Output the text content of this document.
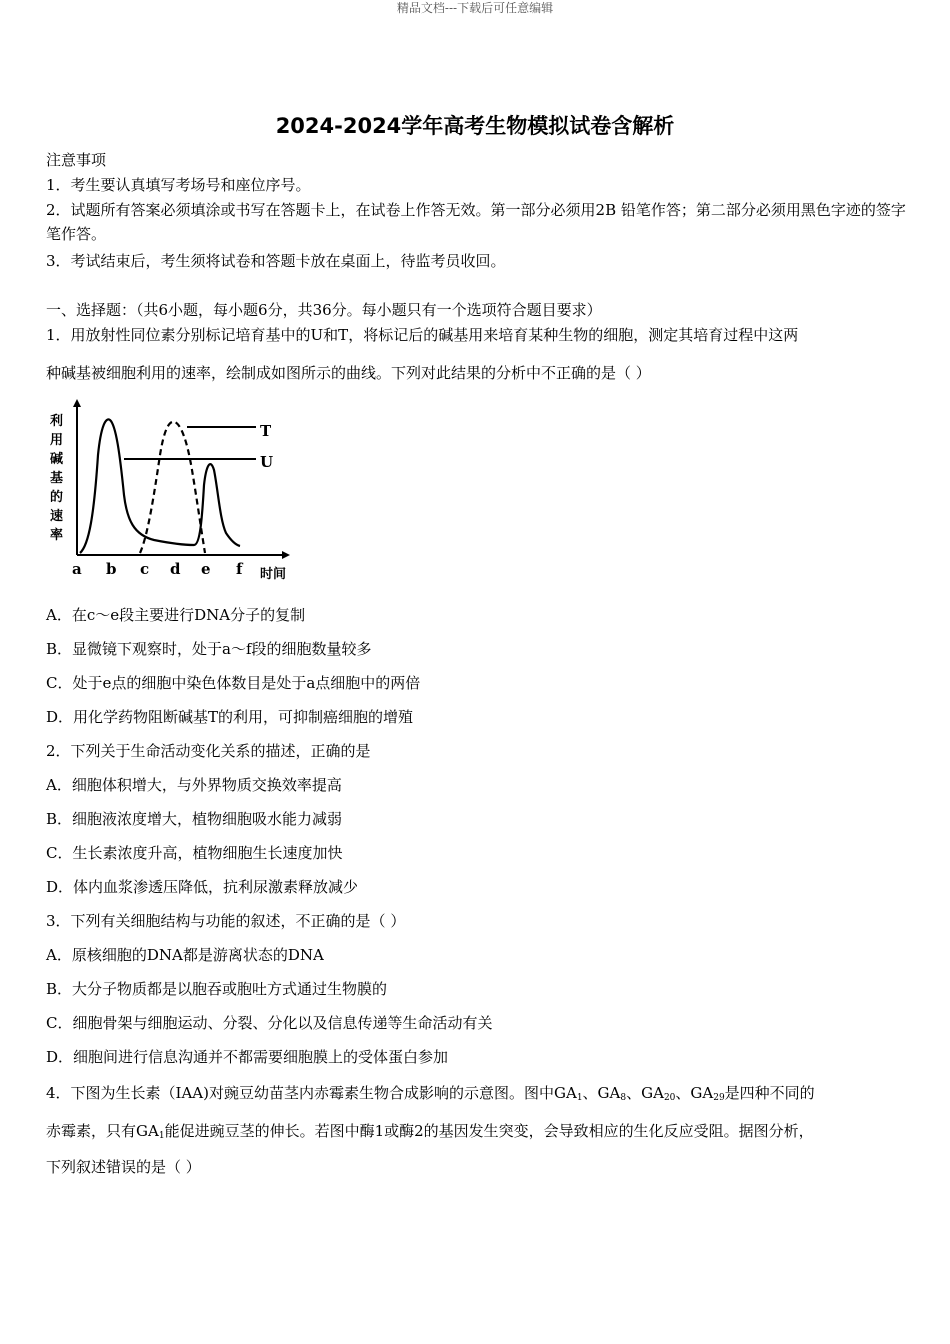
精品文档---下载后可任意编辑
2024-2024学年高考生物模拟试卷含解析
注意事项
1．考生要认真填写考场号和座位序号。
2．试题所有答案必须填涂或书写在答题卡上，在试卷上作答无效。第一部分必须用2B 铅笔作答；第二部分必须用黑色字迹的签字笔作答。
3．考试结束后，考生须将试卷和答题卡放在桌面上，待监考员收回。
一、选择题：（共6小题，每小题6分，共36分。每小题只有一个选项符合题目要求）
1．用放射性同位素分别标记培育基中的U和T，将标记后的碱基用来培育某种生物的细胞，测定其培育过程中这两
种碱基被细胞利用的速率，绘制成如图所示的曲线。下列对此结果的分析中不正确的是（ ）
利
用
碱
基
的
速
率
T
U
a b c d e f 时间
A．在c～e段主要进行DNA分子的复制
B．显微镜下观察时，处于a～f段的细胞数量较多
C．处于e点的细胞中染色体数目是处于a点细胞中的两倍
D．用化学药物阻断碱基T的利用，可抑制癌细胞的增殖
2．下列关于生命活动变化关系的描述，正确的是
A．细胞体积增大，与外界物质交换效率提高
B．细胞液浓度增大，植物细胞吸水能力减弱
C．生长素浓度升高，植物细胞生长速度加快
D．体内血浆渗透压降低，抗利尿激素释放减少
3．下列有关细胞结构与功能的叙述，不正确的是（ ）
A．原核细胞的DNA都是游离状态的DNA
B．大分子物质都是以胞吞或胞吐方式通过生物膜的
C．细胞骨架与细胞运动、分裂、分化以及信息传递等生命活动有关
D．细胞间进行信息沟通并不都需要细胞膜上的受体蛋白参加
4．下图为生长素（IAA)对豌豆幼苗茎内赤霉素生物合成影响的示意图。图中$GA_1$、$GA_8$、$GA_{20}$、$GA_{29}$是四种不同的
赤霉素，只有$GA_1$能促进豌豆茎的伸长。若图中酶1或酶2的基因发生突变，会导致相应的生化反应受阻。据图分析，
下列叙述错误的是（ ）
